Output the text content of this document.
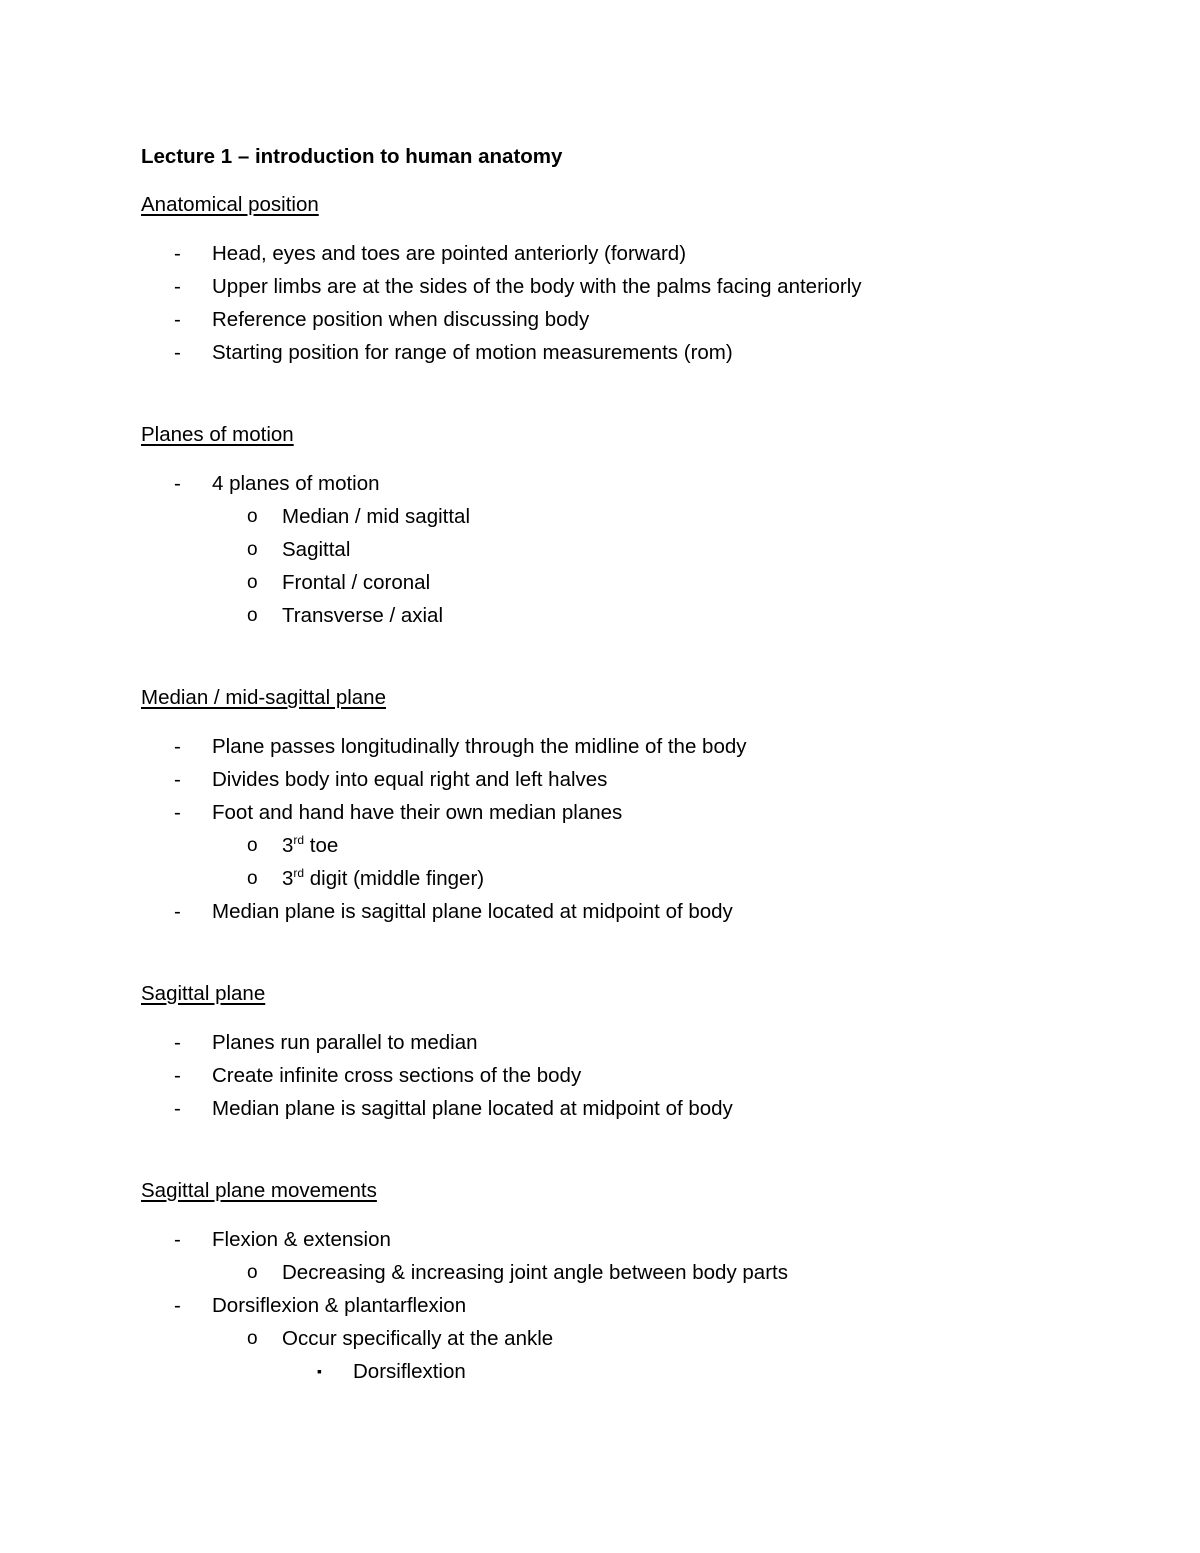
Lecture 1 – introduction to human anatomy
Anatomical position
- Head, eyes and toes are pointed anteriorly (forward)
- Upper limbs are at the sides of the body with the palms facing anteriorly
- Reference position when discussing body
- Starting position for range of motion measurements (rom)
Planes of motion
- 4 planes of motion
o Median / mid sagittal
o Sagittal
o Frontal / coronal
o Transverse / axial
Median / mid-sagittal plane
- Plane passes longitudinally through the midline of the body
- Divides body into equal right and left halves
- Foot and hand have their own median planes
o 3rd toe
o 3rd digit (middle finger)
- Median plane is sagittal plane located at midpoint of body
Sagittal plane
- Planes run parallel to median
- Create infinite cross sections of the body
- Median plane is sagittal plane located at midpoint of body
Sagittal plane movements
- Flexion & extension
o Decreasing & increasing joint angle between body parts
- Dorsiflexion & plantarflexion
o Occur specifically at the ankle
▪ Dorsiflextion
